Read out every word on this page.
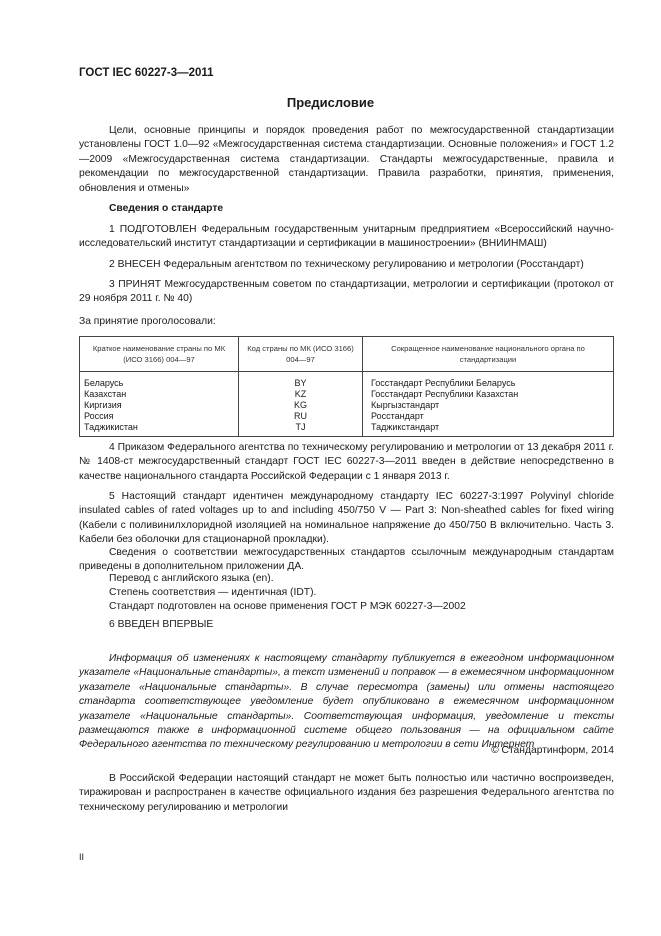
ГОСТ IEC 60227-3—2011
Предисловие

Цели, основные принципы и порядок проведения работ по межгосударственной стандартизации установлены ГОСТ 1.0—92 «Межгосударственная система стандартизации. Основные положения» и ГОСТ 1.2—2009 «Межгосударственная система стандартизации. Стандарты межгосударственные, правила и рекомендации по межгосударственной стандартизации. Правила разработки, принятия, применения, обновления и отмены»

Сведения о стандарте

1 ПОДГОТОВЛЕН Федеральным государственным унитарным предприятием «Всероссийский научно-исследовательский институт стандартизации и сертификации в машиностроении» (ВНИИНМАШ)

2 ВНЕСЕН Федеральным агентством по техническому регулированию и метрологии (Росстандарт)

3 ПРИНЯТ Межгосударственным советом по стандартизации, метрологии и сертификации (протокол от 29 ноября 2011 г. № 40)

За принятие проголосовали:

Краткое наименование страны по МК (ИСО 3166) 004—97	Код страны по МК (ИСО 3166) 004—97	Сокращенное наименование национального органа по стандартизации
Беларусь	BY	Госстандарт Республики Беларусь
Казахстан	KZ	Госстандарт Республики Казахстан
Киргизия	KG	Кыргызстандарт
Россия	RU	Росстандарт
Таджикистан	TJ	Таджикстандарт

4 Приказом Федерального агентства по техническому регулированию и метрологии от 13 декабря 2011 г. № 1408-ст межгосударственный стандарт ГОСТ IEC 60227-3—2011 введен в действие непосредственно в качестве национального стандарта Российской Федерации с 1 января 2013 г.

5 Настоящий стандарт идентичен международному стандарту IEC 60227-3:1997 Polyvinyl chloride insulated cables of rated voltages up to and including 450/750 V — Part 3: Non-sheathed cables for fixed wiring (Кабели с поливинилхлоридной изоляцией на номинальное напряжение до 450/750 В включительно. Часть 3. Кабели без оболочки для стационарной прокладки).

Сведения о соответствии межгосударственных стандартов ссылочным международным стандартам приведены в дополнительном приложении ДА.

Перевод с английского языка (en).

Степень соответствия — идентичная (IDT).

Стандарт подготовлен на основе применения ГОСТ Р МЭК 60227-3—2002

6 ВВЕДЕН ВПЕРВЫЕ

Информация об изменениях к настоящему стандарту публикуется в ежегодном информационном указателе «Национальные стандарты», а текст изменений и поправок — в ежемесячном информационном указателе «Национальные стандарты». В случае пересмотра (замены) или отмены настоящего стандарта соответствующее уведомление будет опубликовано в ежемесячном информационном указателе «Национальные стандарты». Соответствующая информация, уведомление и тексты размещаются также в информационной системе общего пользования — на официальном сайте Федерального агентства по техническому регулированию и метрологии в сети Интернет

© Стандартинформ, 2014

В Российской Федерации настоящий стандарт не может быть полностью или частично воспроизведен, тиражирован и распространен в качестве официального издания без разрешения Федерального агентства по техническому регулированию и метрологии

II
